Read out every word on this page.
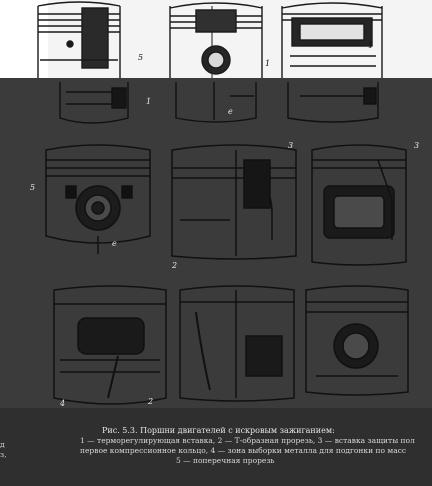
5
1
1
1
е
5
е
3
2
3
4	2
д
з,
Рис. 5.3. Поршни двигателей с искровым зажиганием:
1 — терморегулирующая вставка, 2 — Т-образная прорезь, 3 — вставка защиты пол
первое компрессионное кольцо, 4 — зона выборки металла для подгонки по масс
5 — поперечная прорезь
